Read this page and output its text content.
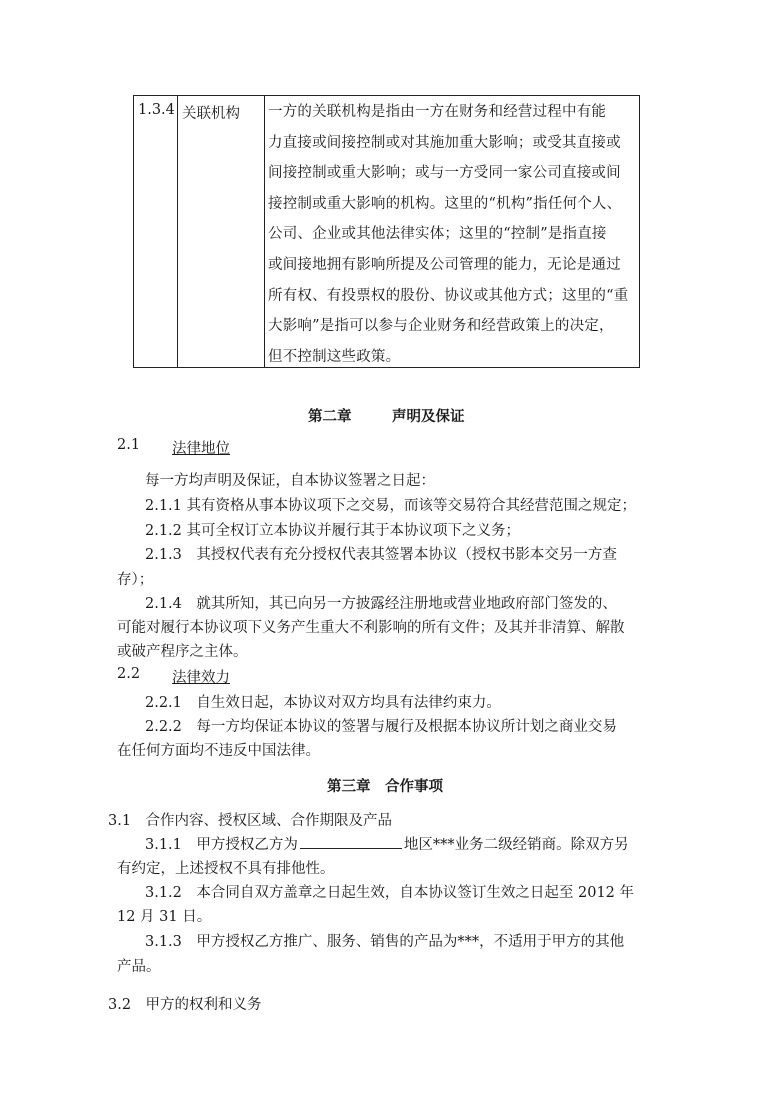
1.3.4 关联机构 一方的关联机构是指由一方在财务和经营过程中有能
力直接或间接控制或对其施加重大影响；或受其直接或
间接控制或重大影响；或与一方受同一家公司直接或间
接控制或重大影响的机构。这里的“机构”指任何个人、
公司、企业或其他法律实体；这里的“控制”是指直接
或间接地拥有影响所提及公司管理的能力，无论是通过
所有权、有投票权的股份、协议或其他方式；这里的“重
大影响”是指可以参与企业财务和经营政策上的决定，
但不控制这些政策。
第二章	声明及保证
2.1 法律地位
每一方均声明及保证，自本协议签署之日起：
2.1.1 其有资格从事本协议项下之交易，而该等交易符合其经营范围之规定；
2.1.2 其可全权订立本协议并履行其于本协议项下之义务；
2.1.3　其授权代表有充分授权代表其签署本协议（授权书影本交另一方查
存）；
2.1.4　就其所知，其已向另一方披露经注册地或营业地政府部门签发的、
可能对履行本协议项下义务产生重大不利影响的所有文件；及其并非清算、解散
或破产程序之主体。
2.2 法律效力
2.2.1　自生效日起，本协议对双方均具有法律约束力。
2.2.2　每一方均保证本协议的签署与履行及根据本协议所计划之商业交易
在任何方面均不违反中国法律。
第三章　合作事项
3.1　合作内容、授权区域、合作期限及产品
3.1.1　甲方授权乙方为	地区***业务二级经销商。除双方另
有约定，上述授权不具有排他性。
3.1.2　本合同自双方盖章之日起生效，自本协议签订生效之日起至 2012 年
12 月 31 日。
3.1.3　甲方授权乙方推广、服务、销售的产品为***，不适用于甲方的其他
产品。
3.2　甲方的权利和义务
